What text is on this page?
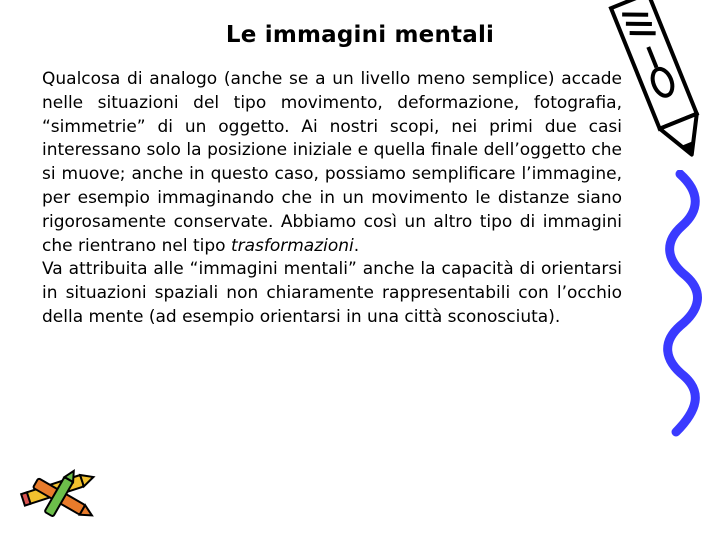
Le immagini mentali

Qualcosa di analogo (anche se a un livello meno semplice) accade nelle situazioni del tipo movimento, deformazione, fotografia, “simmetrie” di un oggetto. Ai nostri scopi, nei primi due casi interessano solo la posizione iniziale e quella finale dell’oggetto che si muove; anche in questo caso, possiamo semplificare l’immagine, per esempio immaginando che in un movimento le distanze siano rigorosamente conservate. Abbiamo così un altro tipo di immagini che rientrano nel tipo trasformazioni.

Va attribuita alle “immagini mentali” anche la capacità di orientarsi in situazioni spaziali non chiaramente rappresentabili con l’occhio della mente (ad esempio orientarsi in una città sconosciuta).
